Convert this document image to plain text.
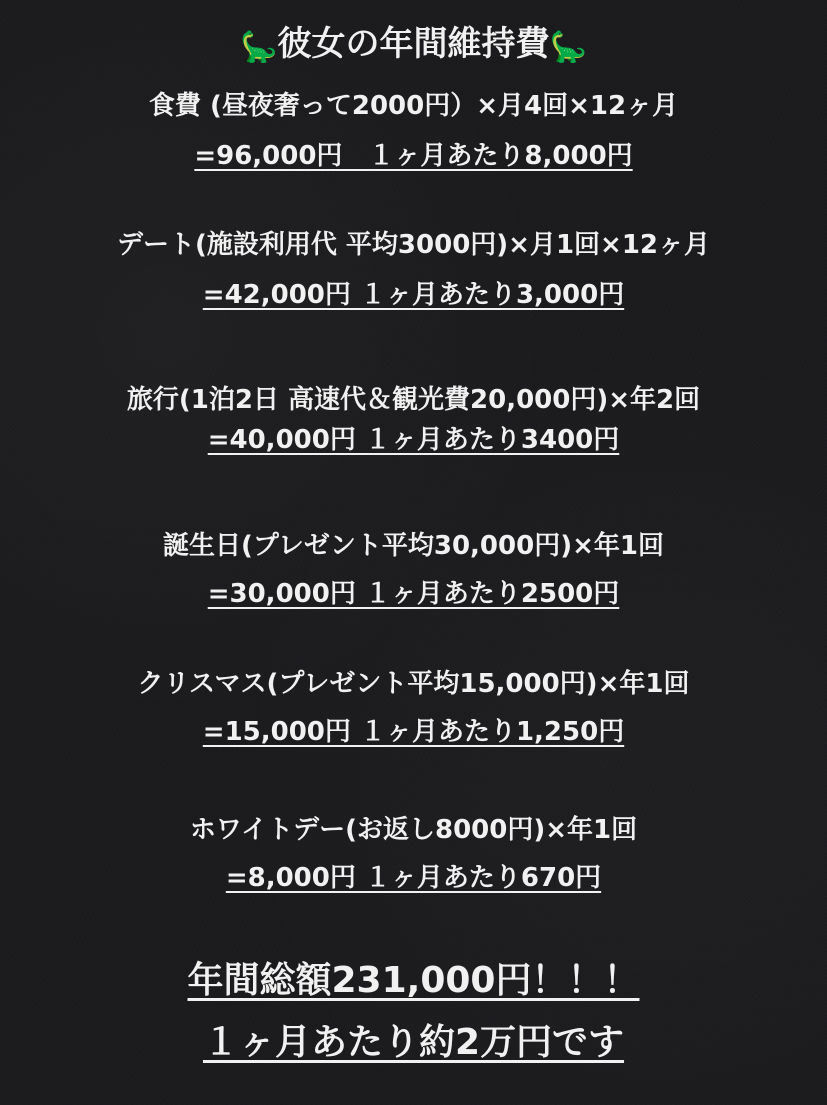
🦕彼女の年間維持費🦕
食費 (昼夜奢って2000円）×月4回×12ヶ月
=96,000円　１ヶ月あたり8,000円
デート(施設利用代 平均3000円)×月1回×12ヶ月
=42,000円 １ヶ月あたり3,000円
旅行(1泊2日 高速代＆観光費20,000円)×年2回
=40,000円 １ヶ月あたり3400円
誕生日(プレゼント平均30,000円)×年1回
=30,000円 １ヶ月あたり2500円
クリスマス(プレゼント平均15,000円)×年1回
=15,000円 １ヶ月あたり1,250円
ホワイトデー(お返し8000円)×年1回
=8,000円 １ヶ月あたり670円
年間総額231,000円！！！
１ヶ月あたり約2万円です
